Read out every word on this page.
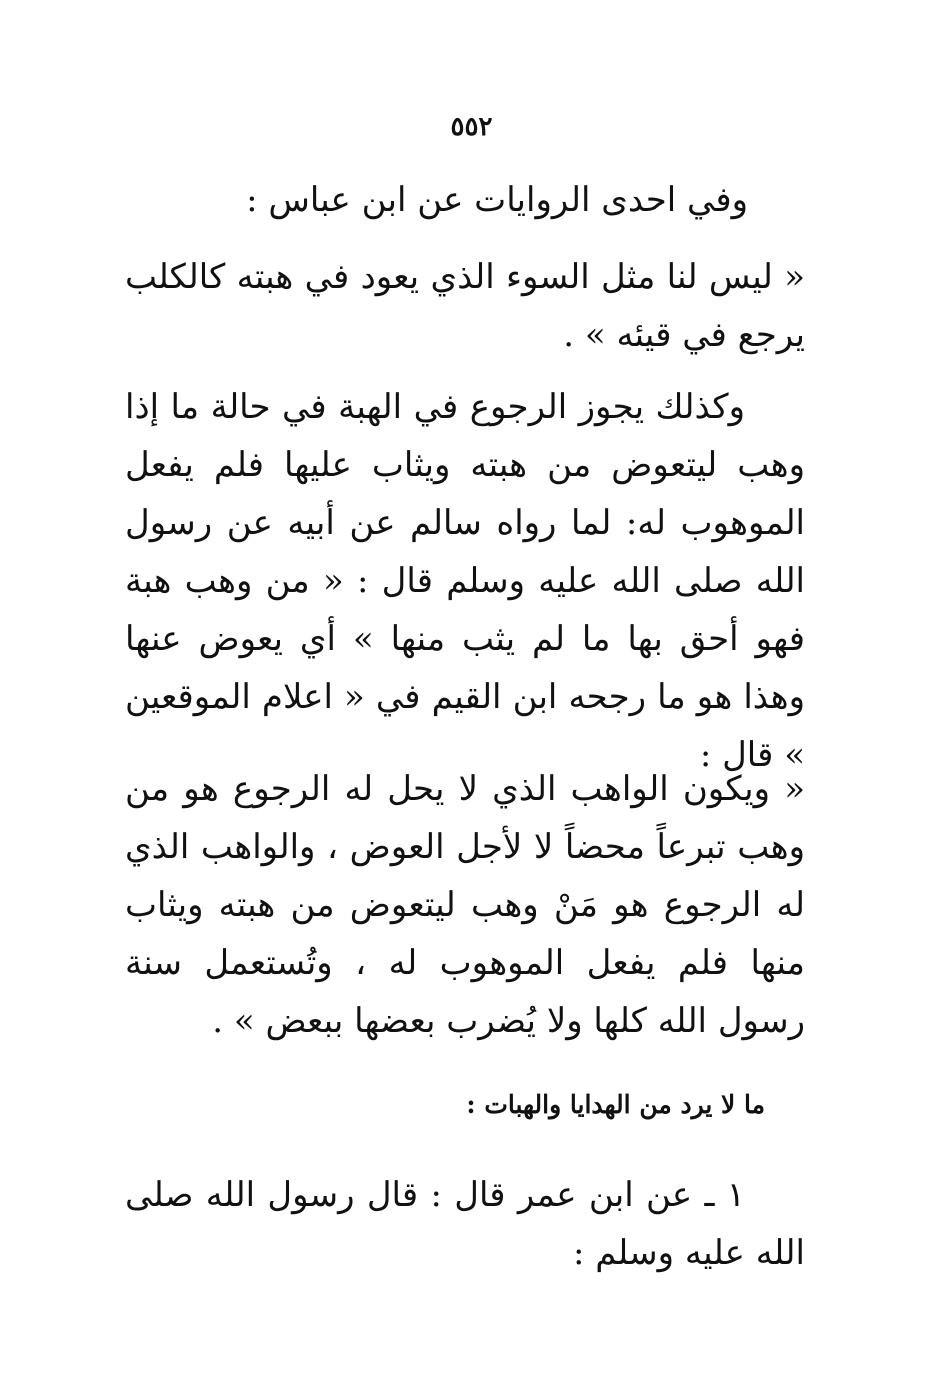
٥٥٢
وفي احدى الروايات عن ابن عباس :
« ليس لنا مثل السوء الذي يعود في هبته كالكلب يرجع في قيئه » .
وكذلك يجوز الرجوع في الهبة في حالة ما إذا وهب ليتعوض من هبته ويثاب عليها فلم يفعل الموهوب له: لما رواه سالم عن أبيه عن رسول الله صلى الله عليه وسلم قال : « من وهب هبة فهو أحق بها ما لم يثب منها » أي يعوض عنها وهذا هو ما رجحه ابن القيم في « اعلام الموقعين » قال :
« ويكون الواهب الذي لا يحل له الرجوع هو من وهب تبرعاً محضاً لا لأجل العوض ، والواهب الذي له الرجوع هو مَنْ وهب ليتعوض من هبته ويثاب منها فلم يفعل الموهوب له ، وتُستعمل سنة رسول الله كلها ولا يُضرب بعضها ببعض » .
ما لا يرد من الهدايا والهبات :
١ ـ عن ابن عمر قال : قال رسول الله صلى الله عليه وسلم :
